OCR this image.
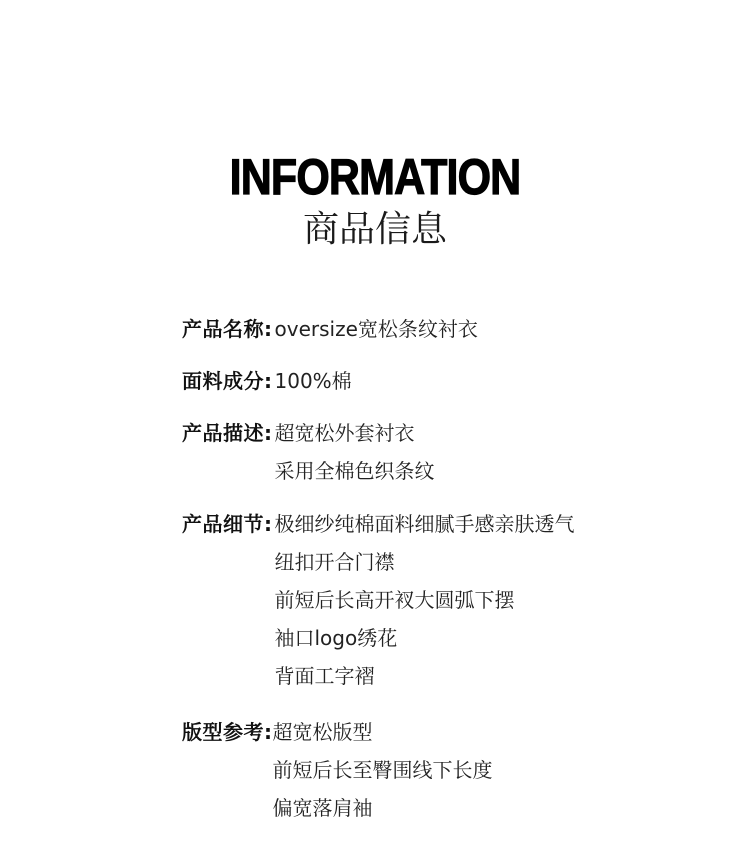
INFORMATION
商品信息
产品名称: oversize宽松条纹衬衣
面料成分: 100%棉
产品描述: 超宽松外套衬衣
采用全棉色织条纹
产品细节: 极细纱纯棉面料细腻手感亲肤透气
纽扣开合门襟
前短后长高开衩大圆弧下摆
袖口logo绣花
背面工字褶
版型参考: 超宽松版型
前短后长至臀围线下长度
偏宽落肩袖
